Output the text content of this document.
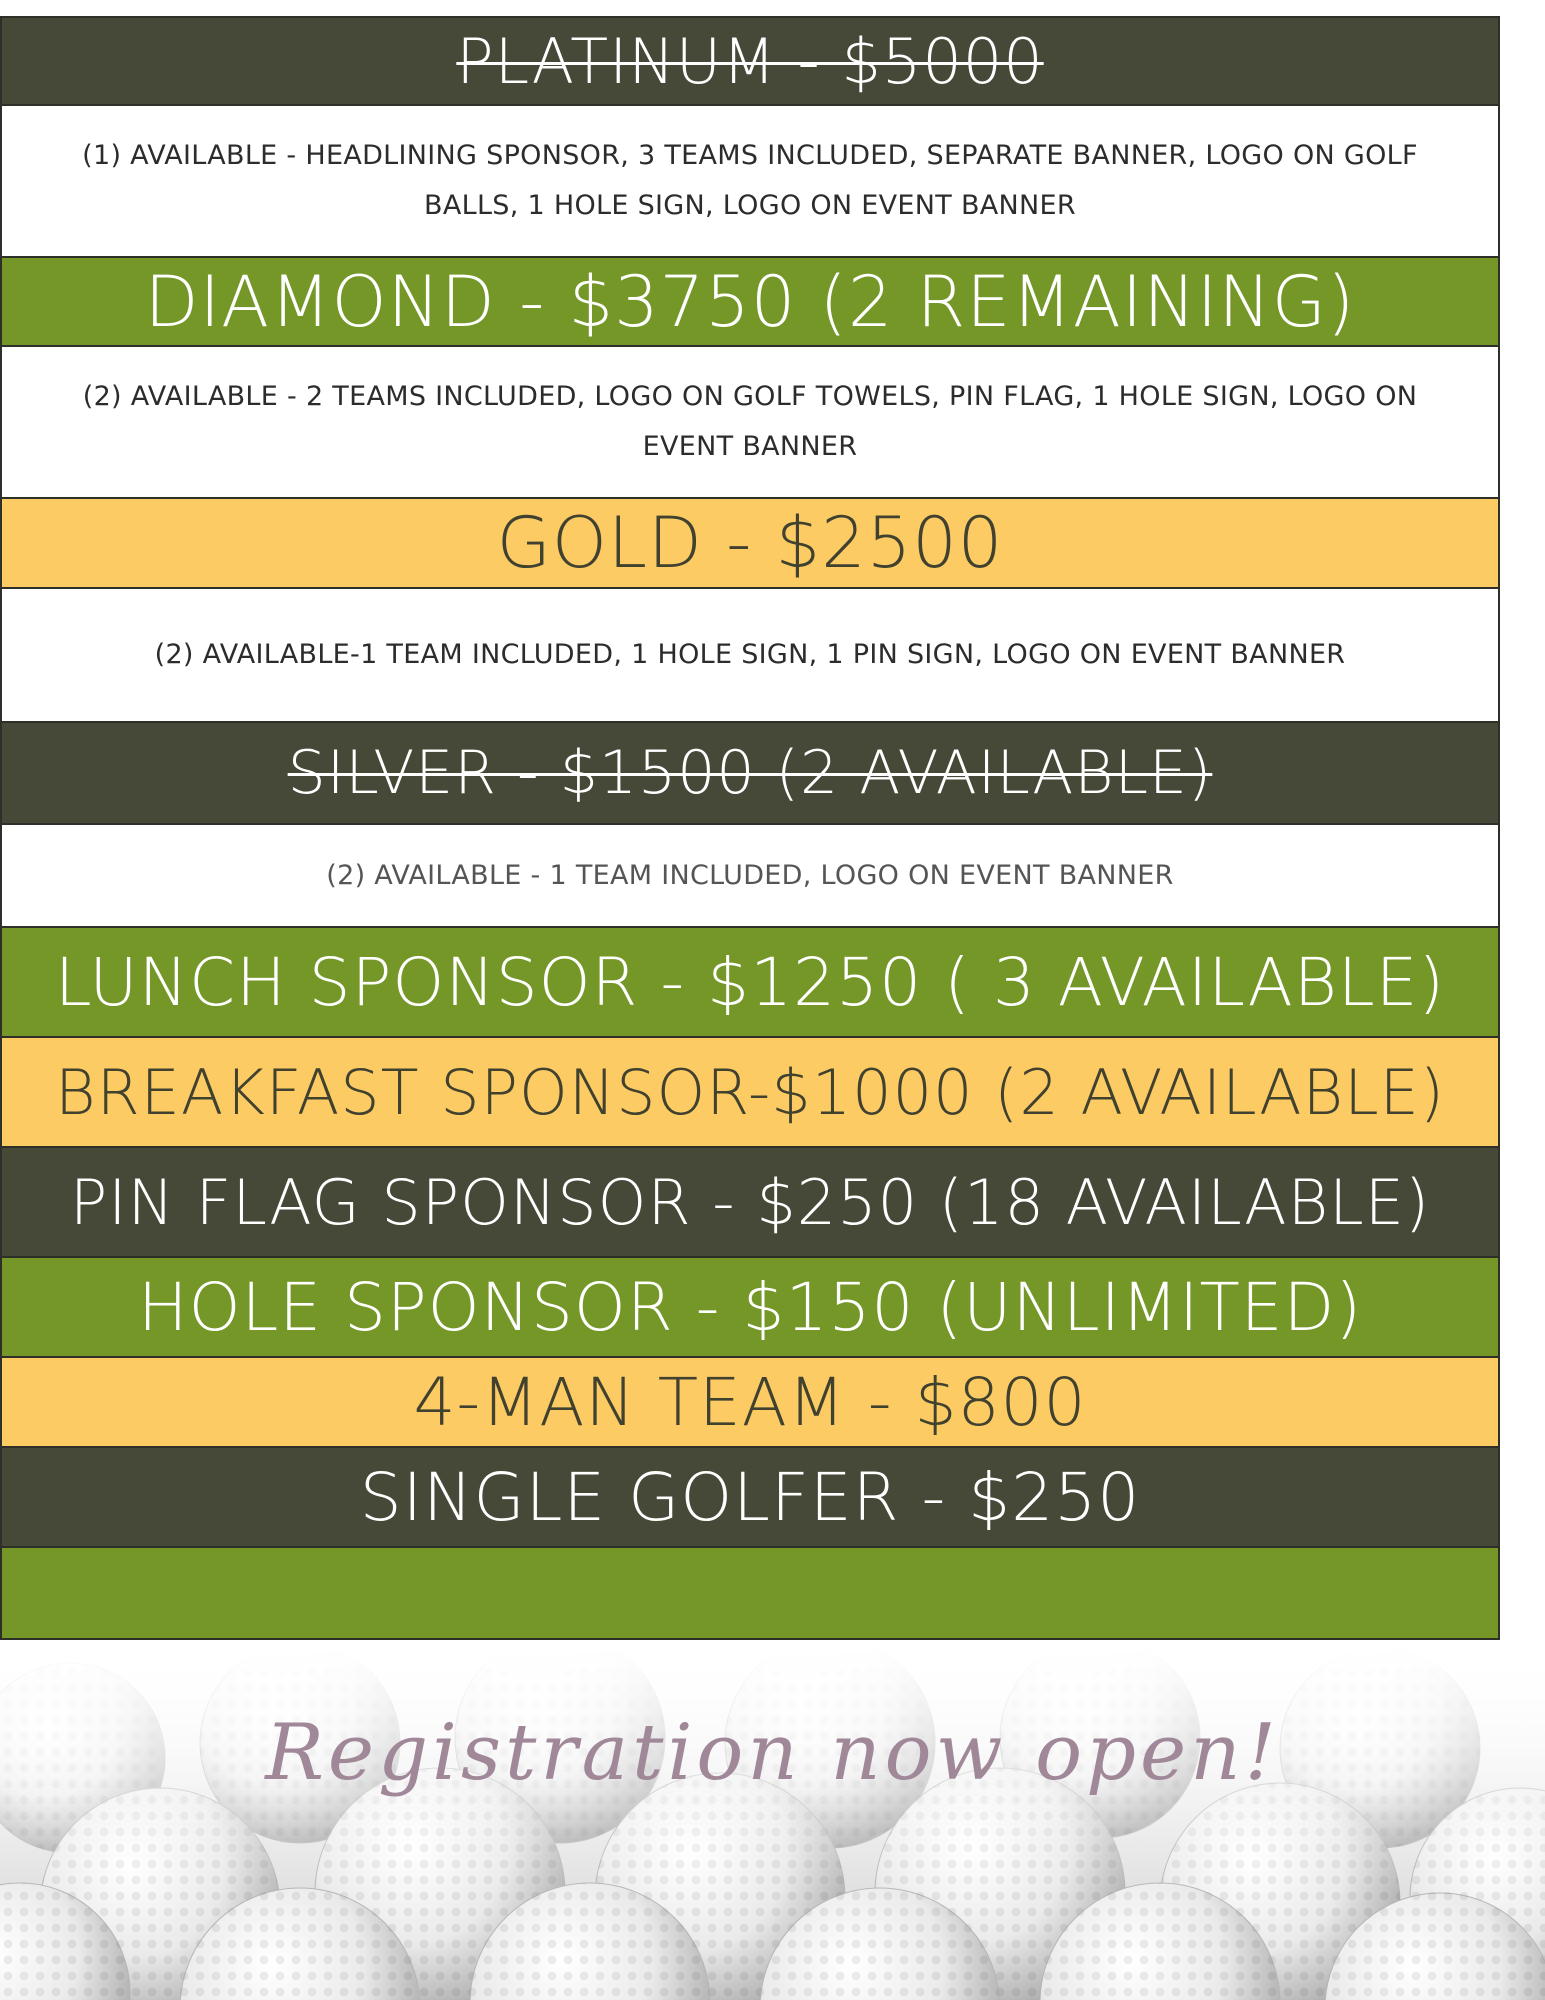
PLATINUM - $5000
(1) AVAILABLE - HEADLINING SPONSOR, 3 TEAMS INCLUDED, SEPARATE BANNER, LOGO ON GOLF BALLS, 1 HOLE SIGN, LOGO ON EVENT BANNER
DIAMOND - $3750 (2 REMAINING)
(2) AVAILABLE - 2 TEAMS INCLUDED, LOGO ON GOLF TOWELS, PIN FLAG, 1 HOLE SIGN, LOGO ON EVENT BANNER
GOLD - $2500
(2) AVAILABLE-1 TEAM INCLUDED, 1 HOLE SIGN, 1 PIN SIGN, LOGO ON EVENT BANNER
SILVER - $1500 (2 AVAILABLE)
(2) AVAILABLE - 1 TEAM INCLUDED, LOGO ON EVENT BANNER
LUNCH SPONSOR - $1250 ( 3 AVAILABLE)
BREAKFAST SPONSOR-$1000 (2 AVAILABLE)
PIN FLAG SPONSOR - $250 (18 AVAILABLE)
HOLE SPONSOR - $150 (UNLIMITED)
4-MAN TEAM - $800
SINGLE GOLFER - $250
Registration now open!
